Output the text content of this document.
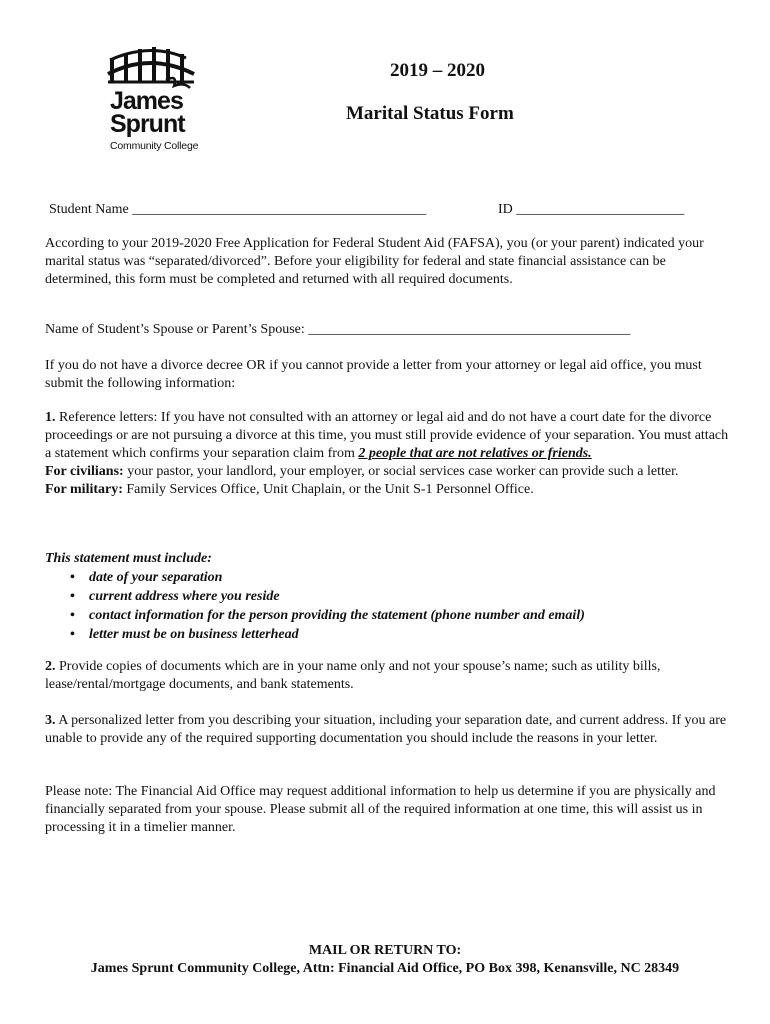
James
Sprunt
Community College
2019 – 2020
Marital Status Form
Student Name __________________________________________	ID ________________________
According to your 2019-2020 Free Application for Federal Student Aid (FAFSA), you (or your parent) indicated your marital status was “separated/divorced”. Before your eligibility for federal and state financial assistance can be determined, this form must be completed and returned with all required documents.
Name of Student’s Spouse or Parent’s Spouse: ______________________________________________
If you do not have a divorce decree OR if you cannot provide a letter from your attorney or legal aid office, you must submit the following information:

1. Reference letters: If you have not consulted with an attorney or legal aid and do not have a court date for the divorce proceedings or are not pursuing a divorce at this time, you must still provide evidence of your separation. You must attach a statement which confirms your separation claim from 2 people that are not relatives or friends.

For civilians: your pastor, your landlord, your employer, or social services case worker can provide such a letter.

For military: Family Services Office, Unit Chaplain, or the Unit S-1 Personnel Office.

This statement must include:

• date of your separation
• current address where you reside
• contact information for the person providing the statement (phone number and email)
• letter must be on business letterhead
2. Provide copies of documents which are in your name only and not your spouse’s name; such as utility bills, lease/rental/mortgage documents, and bank statements.
3. A personalized letter from you describing your situation, including your separation date, and current address. If you are unable to provide any of the required supporting documentation you should include the reasons in your letter.
Please note: The Financial Aid Office may request additional information to help us determine if you are physically and financially separated from your spouse. Please submit all of the required information at one time, this will assist us in processing it in a timelier manner.
MAIL OR RETURN TO:
James Sprunt Community College, Attn: Financial Aid Office, PO Box 398, Kenansville, NC 28349
